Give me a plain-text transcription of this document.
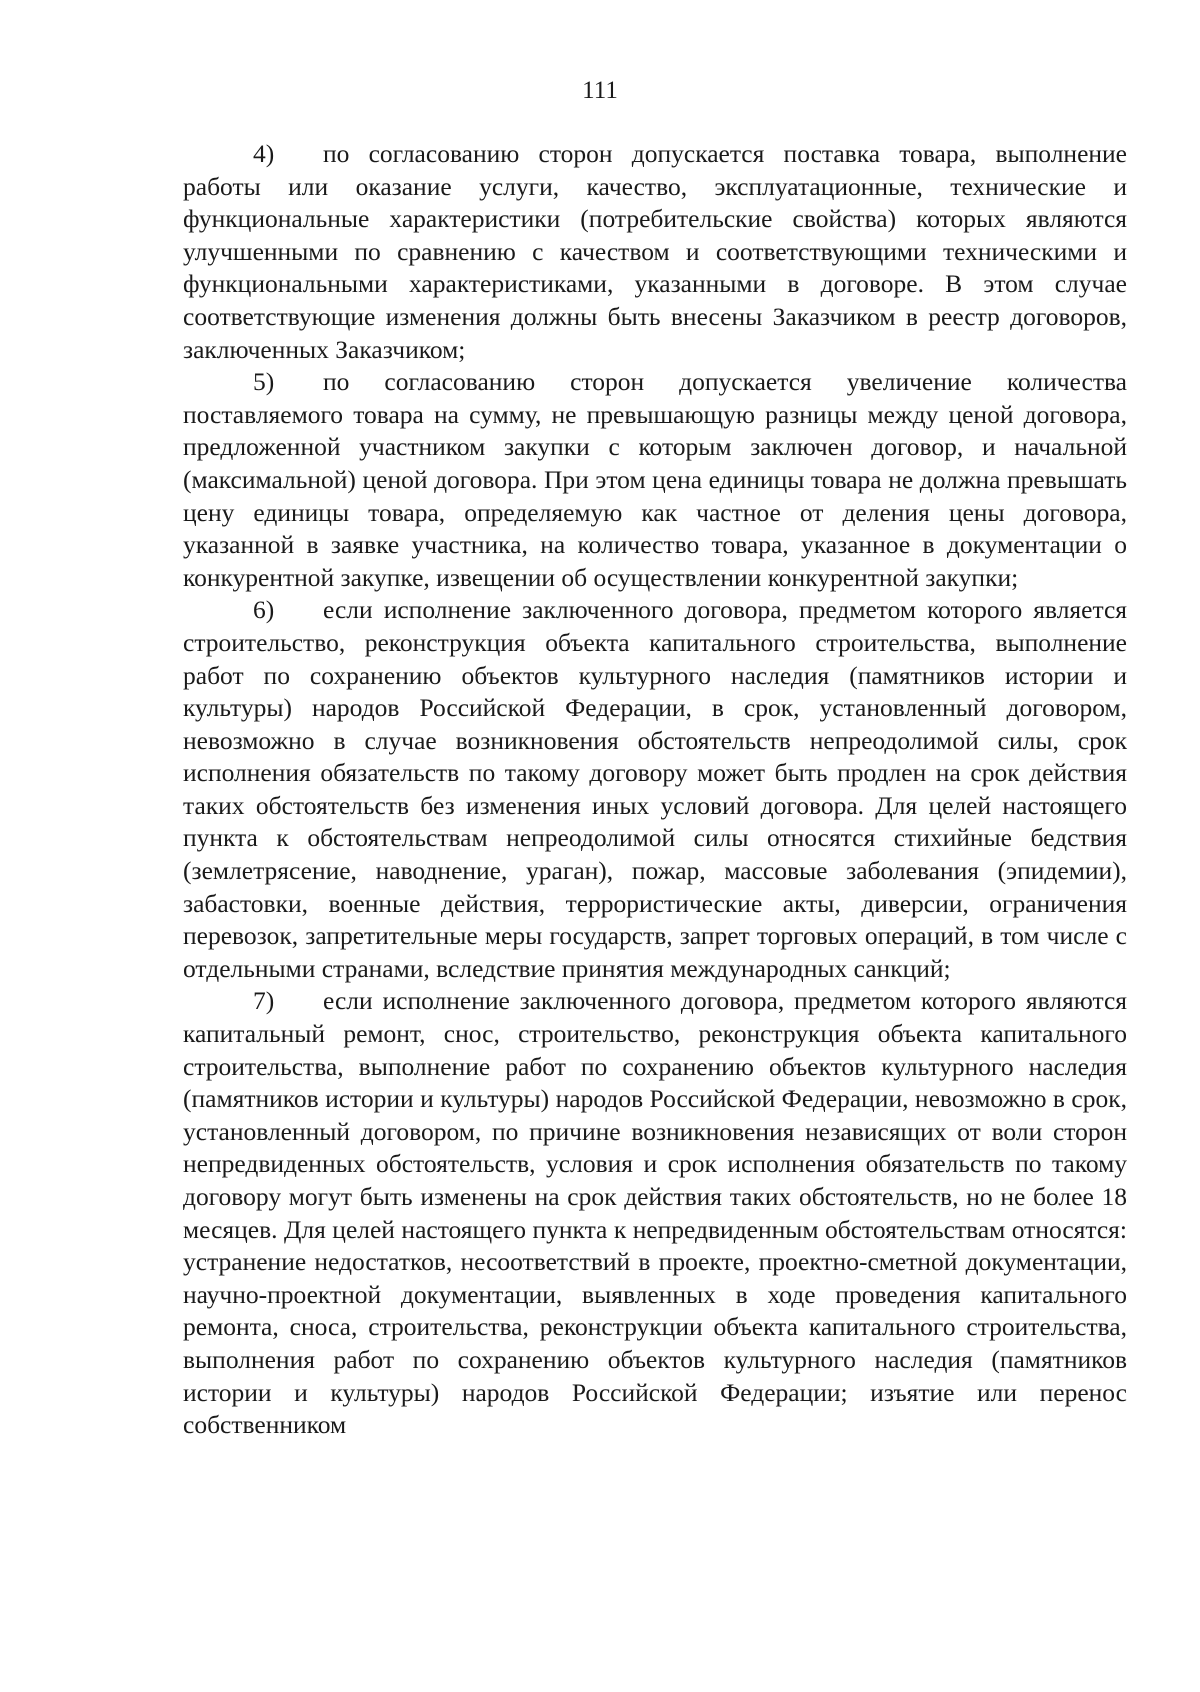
111

4) по согласованию сторон допускается поставка товара, выполнение работы или оказание услуги, качество, эксплуатационные, технические и функциональные характеристики (потребительские свойства) которых являются улучшенными по сравнению с качеством и соответствующими техническими и функциональными характеристиками, указанными в договоре. В этом случае соответствующие изменения должны быть внесены Заказчиком в реестр договоров, заключенных Заказчиком;

5) по согласованию сторон допускается увеличение количества поставляемого товара на сумму, не превышающую разницы между ценой договора, предложенной участником закупки с которым заключен договор, и начальной (максимальной) ценой договора. При этом цена единицы товара не должна превышать цену единицы товара, определяемую как частное от деления цены договора, указанной в заявке участника, на количество товара, указанное в документации о конкурентной закупке, извещении об осуществлении конкурентной закупки;

6) если исполнение заключенного договора, предметом которого является строительство, реконструкция объекта капитального строительства, выполнение работ по сохранению объектов культурного наследия (памятников истории и культуры) народов Российской Федерации, в срок, установленный договором, невозможно в случае возникновения обстоятельств непреодолимой силы, срок исполнения обязательств по такому договору может быть продлен на срок действия таких обстоятельств без изменения иных условий договора. Для целей настоящего пункта к обстоятельствам непреодолимой силы относятся стихийные бедствия (землетрясение, наводнение, ураган), пожар, массовые заболевания (эпидемии), забастовки, военные действия, террористические акты, диверсии, ограничения перевозок, запретительные меры государств, запрет торговых операций, в том числе с отдельными странами, вследствие принятия международных санкций;

7) если исполнение заключенного договора, предметом которого являются капитальный ремонт, снос, строительство, реконструкция объекта капитального строительства, выполнение работ по сохранению объектов культурного наследия (памятников истории и культуры) народов Российской Федерации, невозможно в срок, установленный договором, по причине возникновения независящих от воли сторон непредвиденных обстоятельств, условия и срок исполнения обязательств по такому договору могут быть изменены на срок действия таких обстоятельств, но не более 18 месяцев. Для целей настоящего пункта к непредвиденным обстоятельствам относятся: устранение недостатков, несоответствий в проекте, проектно-сметной документации, научно-проектной документации, выявленных в ходе проведения капитального ремонта, сноса, строительства, реконструкции объекта капитального строительства, выполнения работ по сохранению объектов культурного наследия (памятников истории и культуры) народов Российской Федерации; изъятие или перенос собственником
